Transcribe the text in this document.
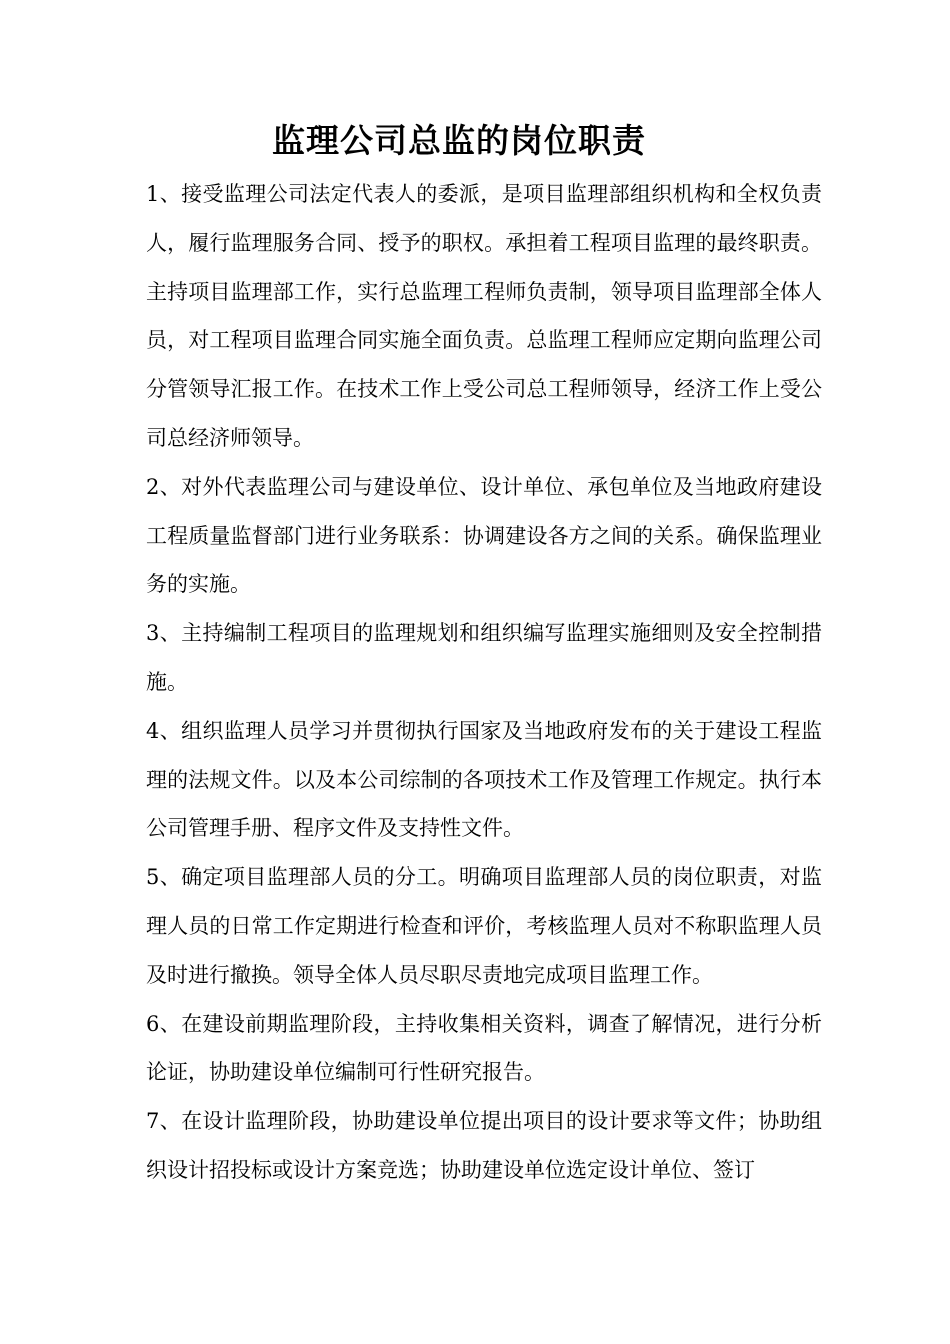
监理公司总监的岗位职责

1、接受监理公司法定代表人的委派，是项目监理部组织机构和全权负责人，履行监理服务合同、授予的职权。承担着工程项目监理的最终职责。主持项目监理部工作，实行总监理工程师负责制，领导项目监理部全体人员，对工程项目监理合同实施全面负责。总监理工程师应定期向监理公司分管领导汇报工作。在技术工作上受公司总工程师领导，经济工作上受公司总经济师领导。

2、对外代表监理公司与建设单位、设计单位、承包单位及当地政府建设工程质量监督部门进行业务联系：协调建设各方之间的关系。确保监理业务的实施。

3、主持编制工程项目的监理规划和组织编写监理实施细则及安全控制措施。

4、组织监理人员学习并贯彻执行国家及当地政府发布的关于建设工程监理的法规文件。以及本公司综制的各项技术工作及管理工作规定。执行本公司管理手册、程序文件及支持性文件。

5、确定项目监理部人员的分工。明确项目监理部人员的岗位职责，对监理人员的日常工作定期进行检查和评价，考核监理人员对不称职监理人员及时进行撤换。领导全体人员尽职尽责地完成项目监理工作。

6、在建设前期监理阶段，主持收集相关资料，调查了解情况，进行分析论证，协助建设单位编制可行性研究报告。

7、在设计监理阶段，协助建设单位提出项目的设计要求等文件；协助组织设计招投标或设计方案竞选；协助建设单位选定设计单位、签订
